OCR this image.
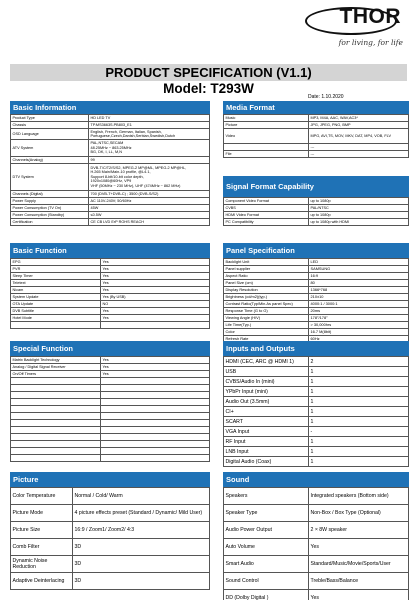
THOR
for living, for life
PRODUCT SPECIFICATION (V1.1)
Model: T293W
Date: 1.10.2020
Basic Information
Product Type	HD LED TV
Chassis	TP.MS3663S.PB803_E1
OSD Language	English, French, German, Italian, Spanish, Portuguese,Czech,Danish,Serbian,Swedish,Dutch
ATV System	PAL,NTSC,SECAM
48.25MHz ~ 863.25MHz
BG, DK, I, LL, M,N
Channels(Analog)	99
DTV System	DVB-T/C/T2/S/S2, MPEG-2 MP@ML, MPEG-2 MP@HL,
H.265 Main/Main-10 profile, @L4.1,
Support 8-bit/10-bit color depth,
1920x1080@60Hz, VP9
VHF (50MHz ~ 230 MHz), UHF (474MHz ~ 862 MHz)
Channels (Digital)	700 (DVB-T+DVB-C) ; 3500 (DVB-S/S2)
Power Supply	AC 110V-240V; 50/60Hz
Power Consumption (TV On)	45W
Power Consumption (Standby)	≤0.5W
Certification	CE CB LVD ErP ROHS REACH
Basic Function
EPG	Yes
PVR	Yes
Sleep Timer	Yes
Teletext	Yes
Nicam	Yes
System Update	Yes (By USB)
OTA Update	NO
DVB Subtitle	Yes
Hotel Mode	Yes

Special Function
Matrix Backlight Technology	Yes
Analog / Digital Signal Receiver	Yes
On/Off Timers	Yes

Picture
Color Temperature	Normal / Cold/ Warm
Picture Mode	4 picture effects preset (Standard / Dynamic/ Mild User)
Picture Size	16:9 / Zoom1/ Zoom2/ 4:3
Comb Filter	3D
Dynamic Noise Reduction	3D
Adaptive Deinterlacing	3D
Media Format
Music	MP3, M4A, AAC, WAV,AC3*
Picture	JPG, JPEG, PNG, BMP
Video	MPG, AVI,TS, MOV, MKV, DAT, MP4, VOB, FLV
	---
File	---
Signal Format Capability
Component Video Format	up to 1080p
CVBS	PAL/NTSC
HDMI Video Format	up to 1080p
PC Compatibility	up to 1080p with HDMI
Panel Specification
Backlight Unit	LED
Panel supplier	SAMSUNG
Aspect Ratio	16:9
Panel Size (cm)	80
Display Resolution	1366*768
Brightness (cd/m2)(typ.)	210±10
Contrast Ratio(Typ/Min.As panel Spec)	4000:1 / 3000:1
Response Time (G to G)	20ms
Viewing Angle (H/V)	178°/178°
Life Time(Typ.)	> 30,000hrs
Color	16.7 M(8bit)
Refresh Rate	60Hz
Inputs and Outputs
HDMI (CEC, ARC @ HDMI 1)	2
USB	1
CVBS/Audio In (mini)	1
YPbPr Input (mini)	1
Audio Out (3.5mm)	1
CI+	1
SCART	1
VGA Input	-
RF Input	1
LNB Input	1
Digital Audio (Coax)	1
Sound
Speakers	Integrated speakers (Bottom side)
Speaker Type	Non-Box / Box Type (Optional)
Audio Power Output	2 × 8W speaker
Auto Volume	Yes
Smart Audio	Standard/Music/Movie/Sports/User
Sound Control	Treble/Bass/Balance
DD (Dolby Digital )	Yes
